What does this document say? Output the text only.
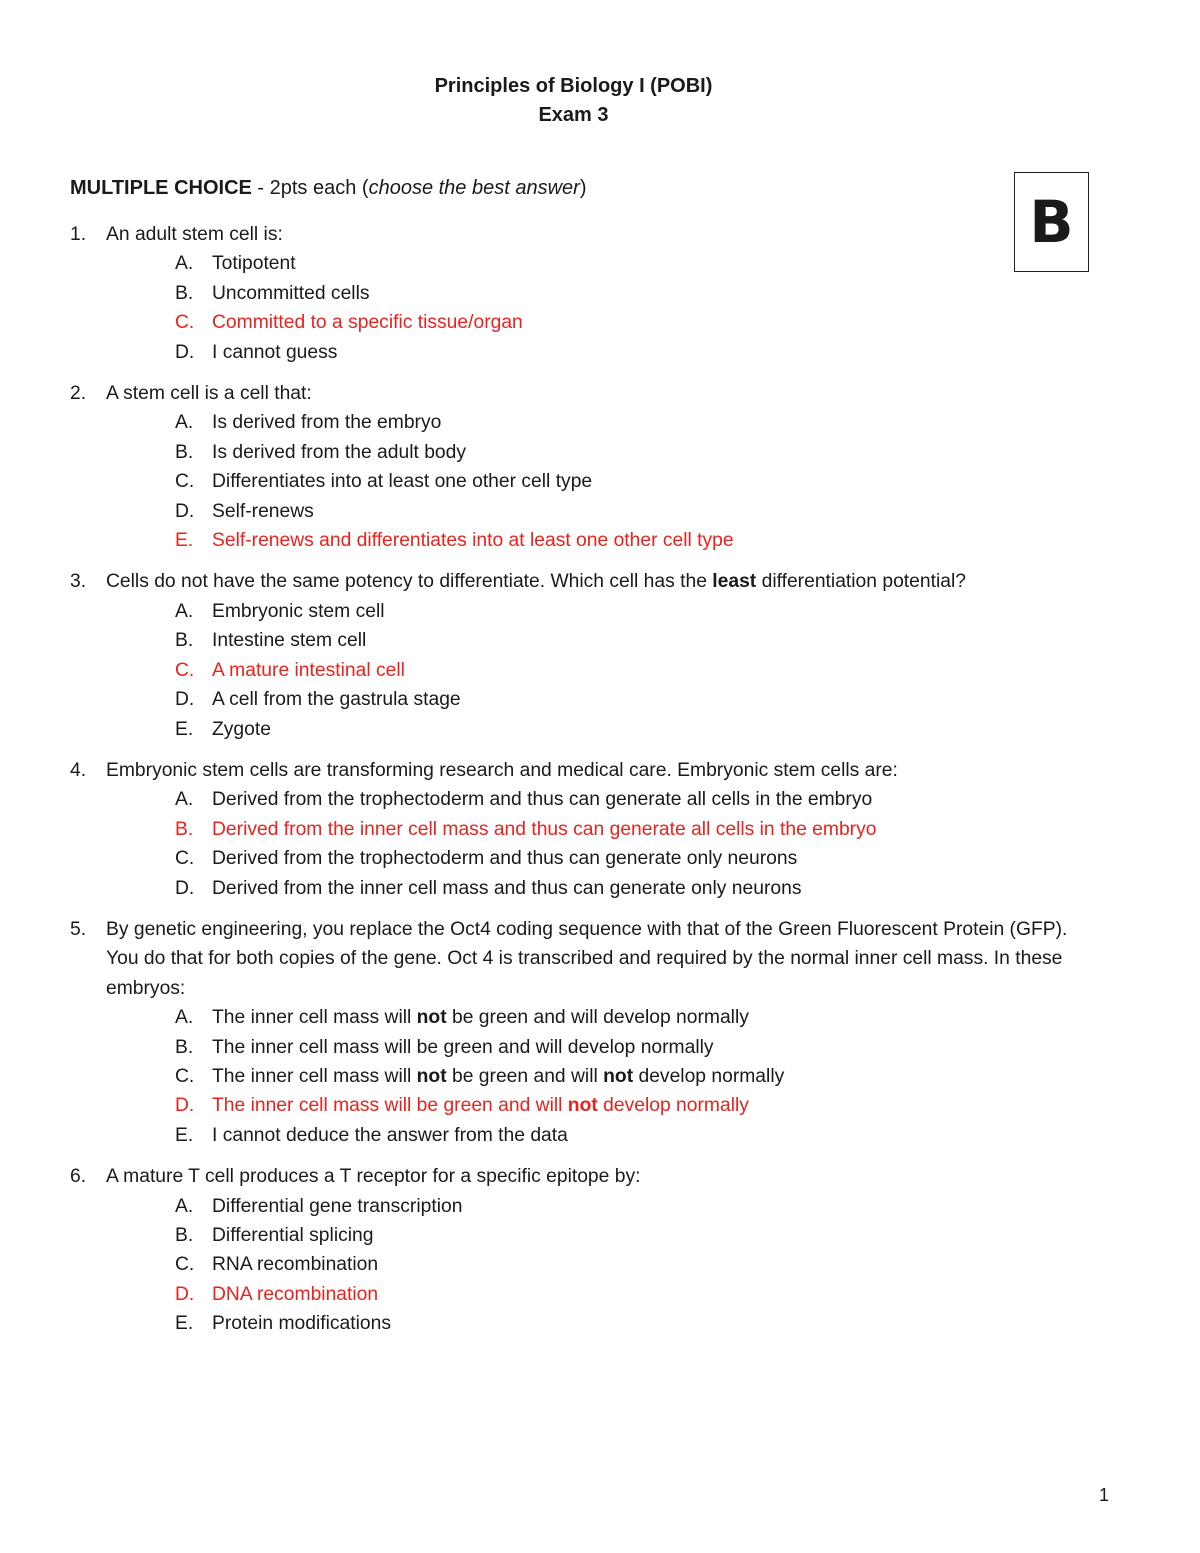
Principles of Biology I (POBI)
Exam 3
B
MULTIPLE CHOICE - 2pts each (choose the best answer)
1.	An adult stem cell is:
A. Totipotent
B. Uncommitted cells
C. Committed to a specific tissue/organ
D. I cannot guess
2.	A stem cell is a cell that:
A. Is derived from the embryo
B. Is derived from the adult body
C. Differentiates into at least one other cell type
D. Self-renews
E. Self-renews and differentiates into at least one other cell type
3.	Cells do not have the same potency to differentiate. Which cell has the least differentiation potential?
A. Embryonic stem cell
B. Intestine stem cell
C. A mature intestinal cell
D. A cell from the gastrula stage
E. Zygote
4.	Embryonic stem cells are transforming research and medical care. Embryonic stem cells are:
A. Derived from the trophectoderm and thus can generate all cells in the embryo
B. Derived from the inner cell mass and thus can generate all cells in the embryo
C. Derived from the trophectoderm and thus can generate only neurons
D. Derived from the inner cell mass and thus can generate only neurons
5.	By genetic engineering, you replace the Oct4 coding sequence with that of the Green Fluorescent Protein (GFP). You do that for both copies of the gene. Oct 4 is transcribed and required by the normal inner cell mass. In these embryos:
A. The inner cell mass will not be green and will develop normally
B. The inner cell mass will be green and will develop normally
C. The inner cell mass will not be green and will not develop normally
D. The inner cell mass will be green and will not develop normally
E. I cannot deduce the answer from the data
6.	A mature T cell produces a T receptor for a specific epitope by:
A. Differential gene transcription
B. Differential splicing
C. RNA recombination
D. DNA recombination
E. Protein modifications
1
